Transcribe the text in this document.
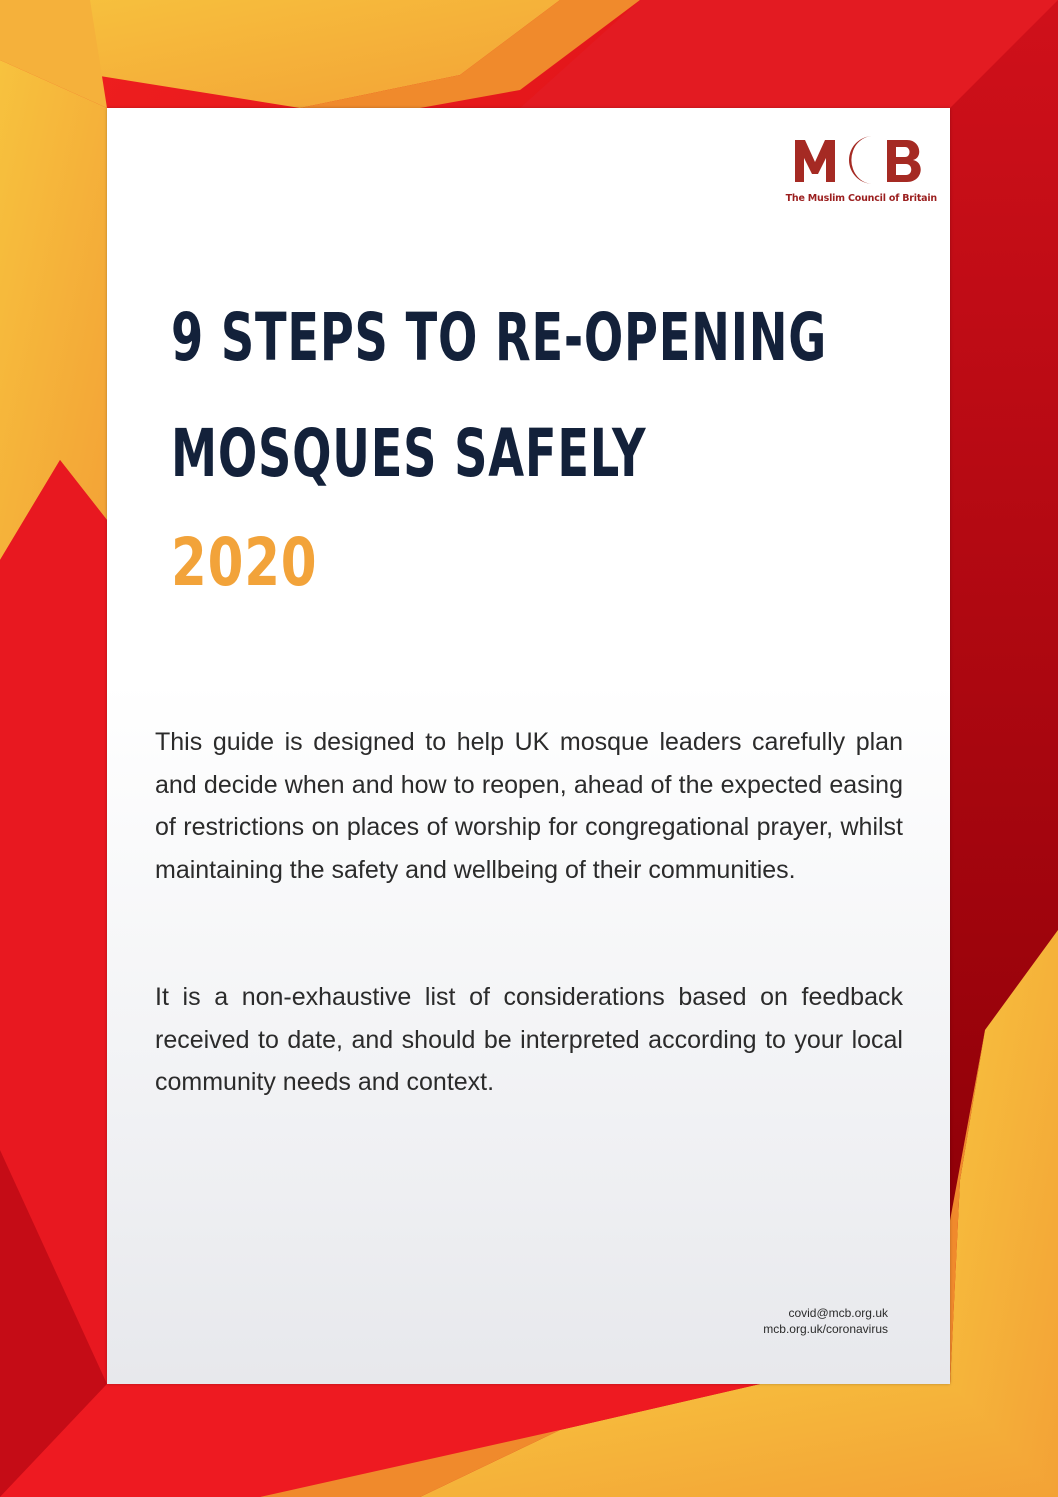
The Muslim Council of Britain
9 STEPS TO RE-OPENING
MOSQUES SAFELY
2020

This guide is designed to help UK mosque leaders carefully plan and decide when and how to reopen, ahead of the expected easing of restrictions on places of worship for congregational prayer, whilst maintaining the safety and wellbeing of their communities.

It is a non-exhaustive list of considerations based on feedback received to date, and should be interpreted according to your local community needs and context.

covid@mcb.org.uk
mcb.org.uk/coronavirus
